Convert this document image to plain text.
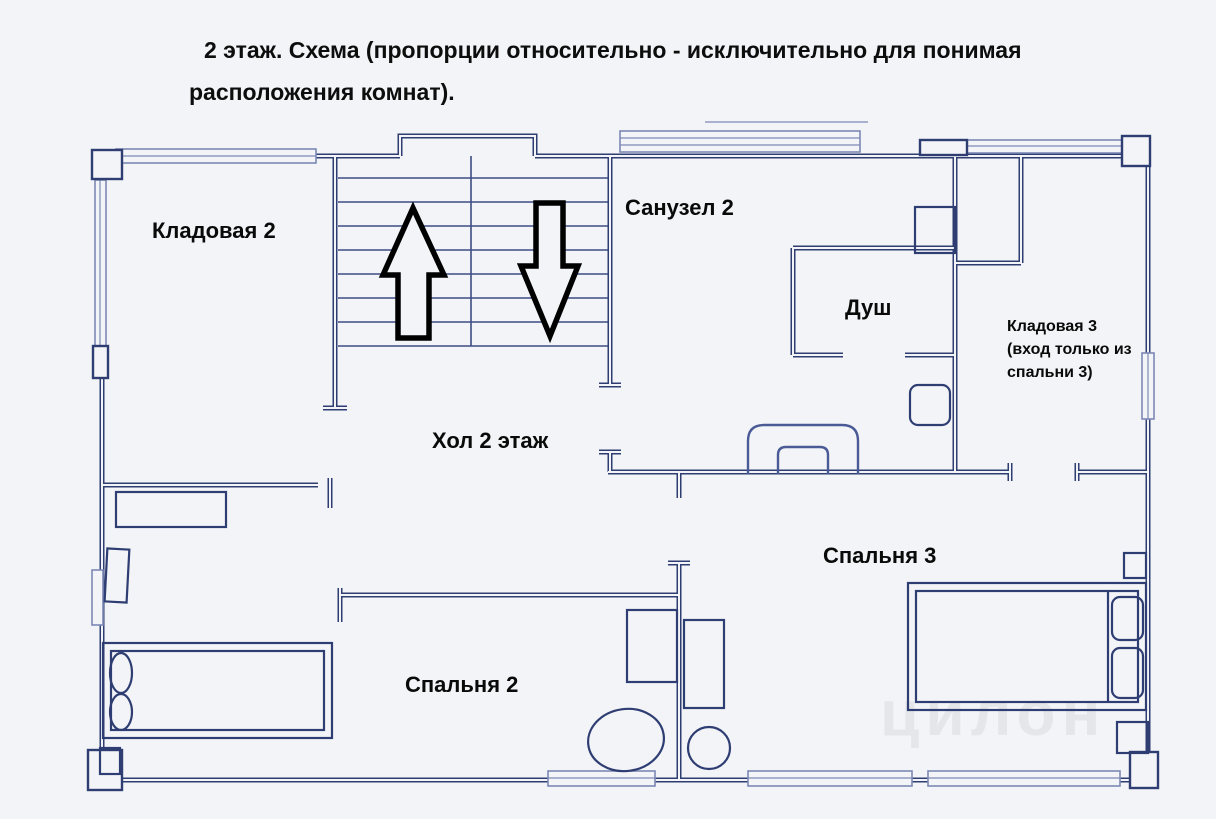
цилон
2 этаж. Схема (пропорции относительно - исключительно для понимая
расположения комнат).
Кладовая 2
Санузел 2
Душ
Хол 2 этаж
Спальня 3
Спальня 2
Кладовая 3
(вход только из
спальни 3)
